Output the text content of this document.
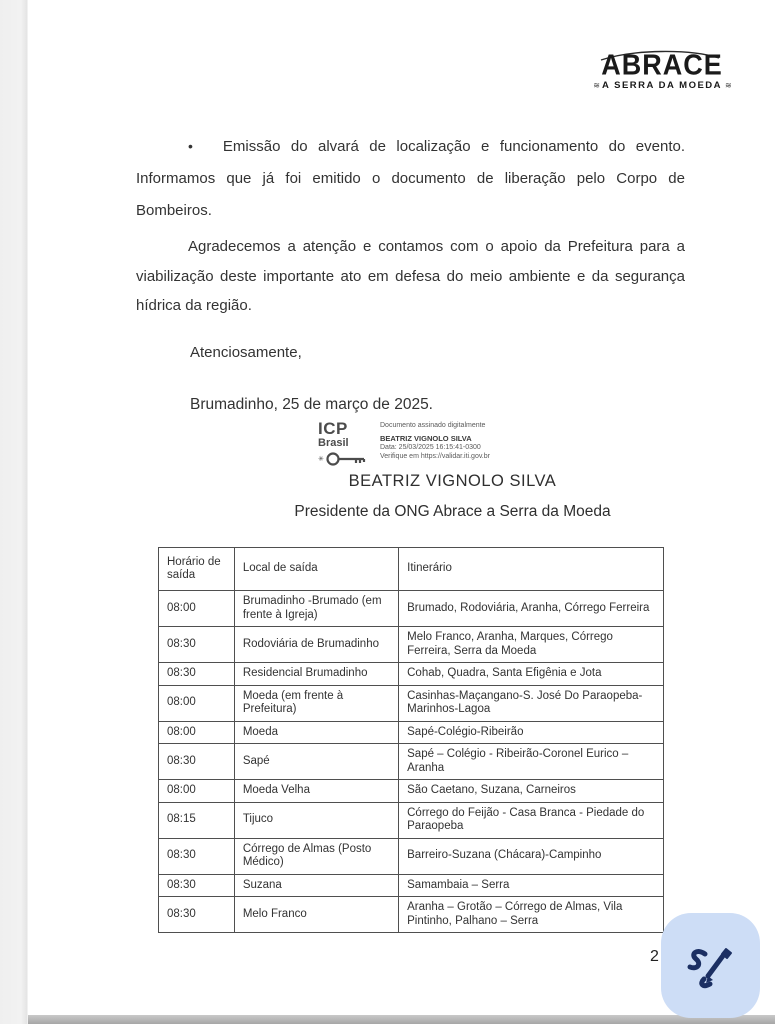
ABRACE
≋ A SERRA DA MOEDA ≋
• Emissão do alvará de localização e funcionamento do evento.
Informamos que já foi emitido o documento de liberação pelo Corpo de Bombeiros.
Agradecemos a atenção e contamos com o apoio da Prefeitura para a viabilização deste importante ato em defesa do meio ambiente e da segurança hídrica da região.
Atenciosamente,
Brumadinho, 25 de março de 2025.
ICP
Brasil
✳
Documento assinado digitalmente
BEATRIZ VIGNOLO SILVA
Data: 25/03/2025 16:15:41-0300
Verifique em https://validar.iti.gov.br
BEATRIZ VIGNOLO SILVA
Presidente da ONG Abrace a Serra da Moeda
Horário de saída	Local de saída	Itinerário
08:00	Brumadinho -Brumado (em frente à Igreja)	Brumado, Rodoviária, Aranha, Córrego Ferreira
08:30	Rodoviária de Brumadinho	Melo Franco, Aranha, Marques, Córrego Ferreira, Serra da Moeda
08:30	Residencial Brumadinho	Cohab, Quadra, Santa Efigênia e Jota
08:00	Moeda (em frente à Prefeitura)	Casinhas-Maçangano-S. José Do Paraopeba-Marinhos-Lagoa
08:00	Moeda	Sapé-Colégio-Ribeirão
08:30	Sapé	Sapé – Colégio - Ribeirão-Coronel Eurico –Aranha
08:00	Moeda Velha	São Caetano, Suzana, Carneiros
08:15	Tijuco	Córrego do Feijão - Casa Branca - Piedade do Paraopeba
08:30	Córrego de Almas (Posto Médico)	Barreiro-Suzana (Chácara)-Campinho
08:30	Suzana	Samambaia – Serra
08:30	Melo Franco	Aranha – Grotão – Córrego de Almas, Vila Pintinho, Palhano – Serra
2
